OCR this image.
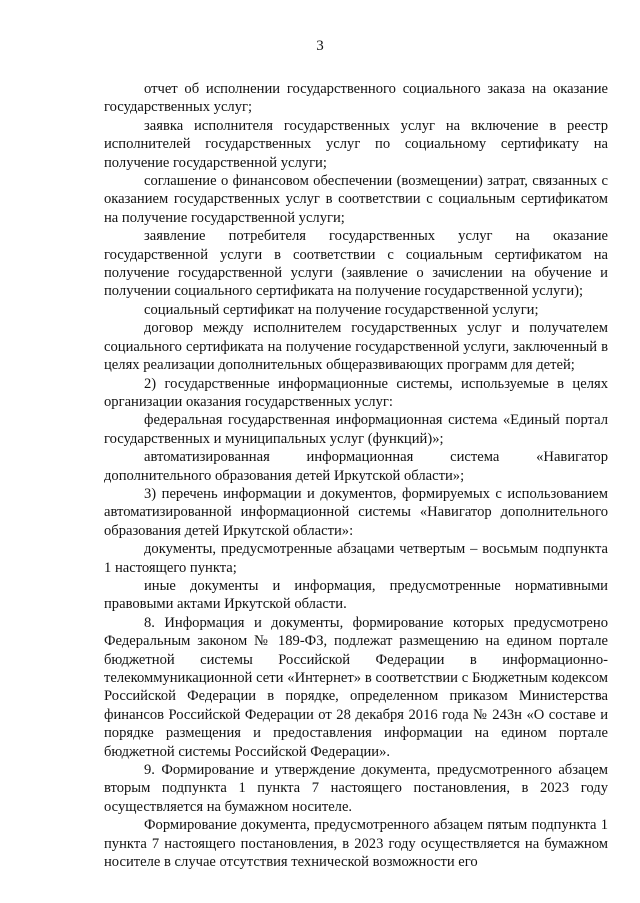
3

отчет об исполнении государственного социального заказа на оказание государственных услуг;

заявка исполнителя государственных услуг на включение в реестр исполнителей государственных услуг по социальному сертификату на получение государственной услуги;

соглашение о финансовом обеспечении (возмещении) затрат, связанных с оказанием государственных услуг в соответствии с социальным сертификатом на получение государственной услуги;

заявление потребителя государственных услуг на оказание государственной услуги в соответствии с социальным сертификатом на получение государственной услуги (заявление о зачислении на обучение и получении социального сертификата на получение государственной услуги);

социальный сертификат на получение государственной услуги;

договор между исполнителем государственных услуг и получателем социального сертификата на получение государственной услуги, заключенный в целях реализации дополнительных общеразвивающих программ для детей;

2) государственные информационные системы, используемые в целях организации оказания государственных услуг:

федеральная государственная информационная система «Единый портал государственных и муниципальных услуг (функций)»;

автоматизированная информационная система «Навигатор дополнительного образования детей Иркутской области»;

3) перечень информации и документов, формируемых с использованием автоматизированной информационной системы «Навигатор дополнительного образования детей Иркутской области»:

документы, предусмотренные абзацами четвертым – восьмым подпункта 1 настоящего пункта;

иные документы и информация, предусмотренные нормативными правовыми актами Иркутской области.

8. Информация и документы, формирование которых предусмотрено Федеральным законом № 189-ФЗ, подлежат размещению на едином портале бюджетной системы Российской Федерации в информационно-телекоммуникационной сети «Интернет» в соответствии с Бюджетным кодексом Российской Федерации в порядке, определенном приказом Министерства финансов Российской Федерации от 28 декабря 2016 года № 243н «О составе и порядке размещения и предоставления информации на едином портале бюджетной системы Российской Федерации».

9. Формирование и утверждение документа, предусмотренного абзацем вторым подпункта 1 пункта 7 настоящего постановления, в 2023 году осуществляется на бумажном носителе.

Формирование документа, предусмотренного абзацем пятым подпункта 1 пункта 7 настоящего постановления, в 2023 году осуществляется на бумажном носителе в случае отсутствия технической возможности его
